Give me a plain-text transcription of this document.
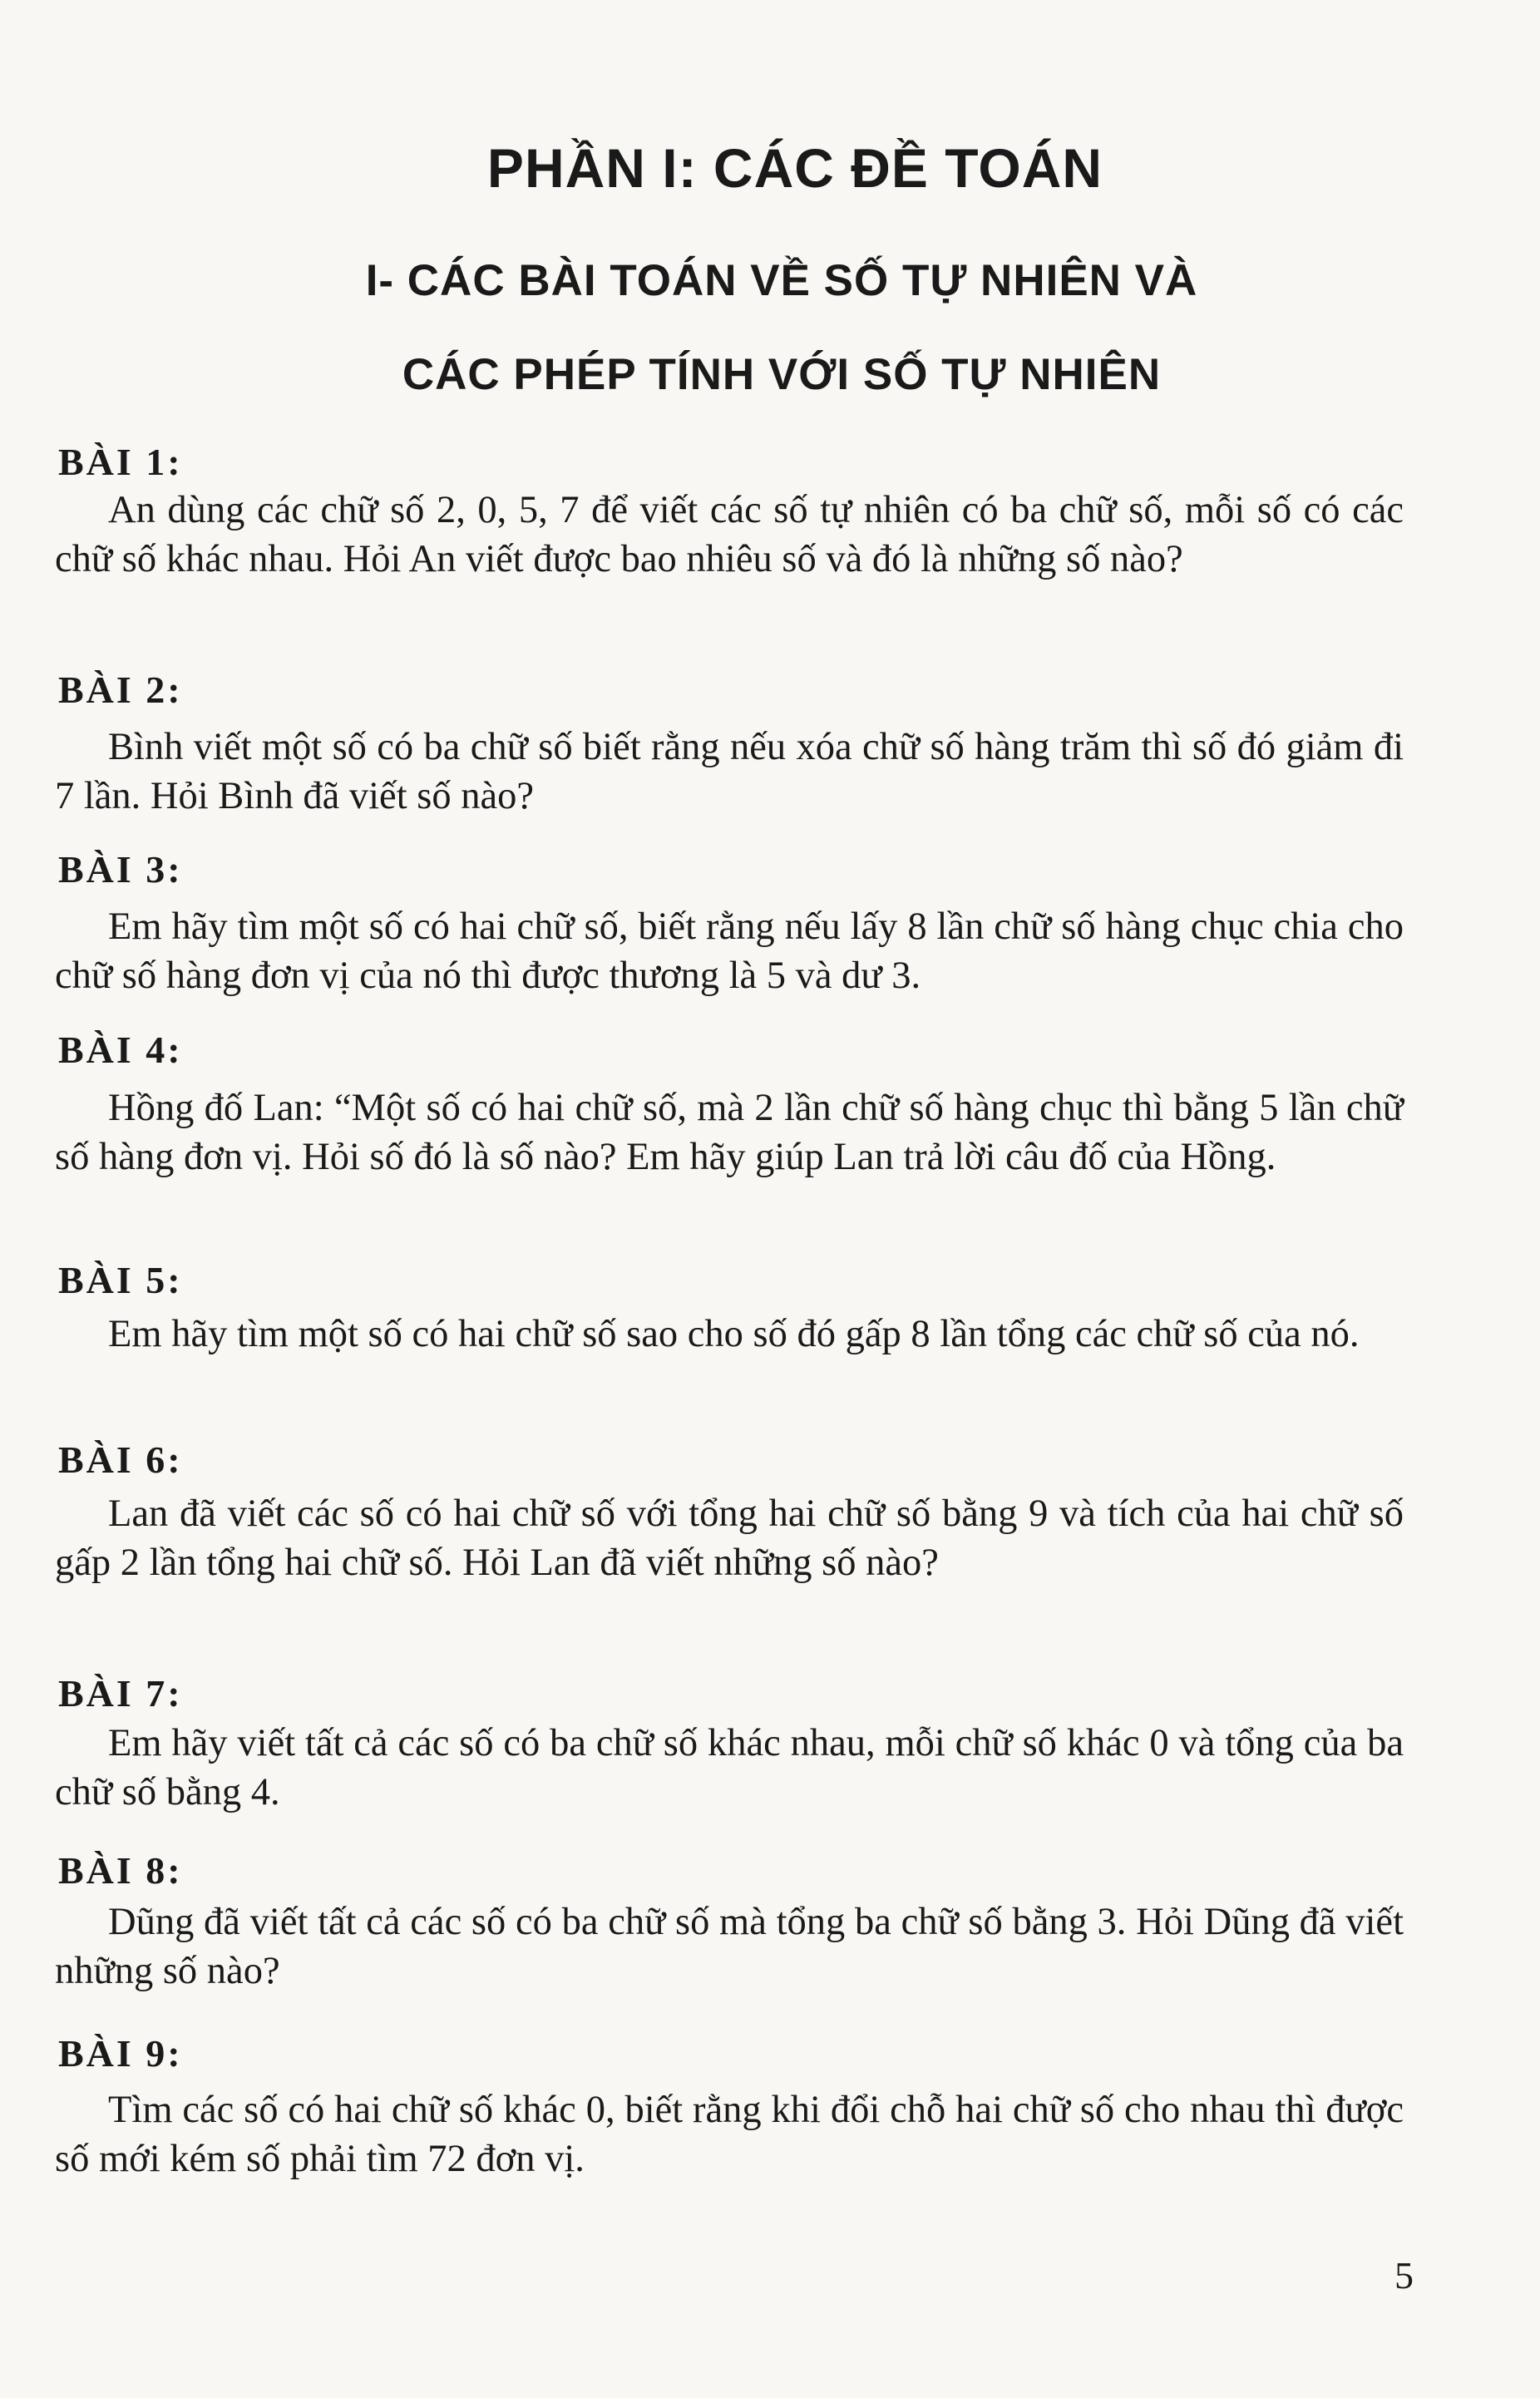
PHẦN I: CÁC ĐỀ TOÁN
I- CÁC BÀI TOÁN VỀ SỐ TỰ NHIÊN VÀ
CÁC PHÉP TÍNH VỚI SỐ TỰ NHIÊN
BÀI 1:
An dùng các chữ số 2, 0, 5, 7 để viết các số tự nhiên có ba chữ số, mỗi số có các chữ số khác nhau. Hỏi An viết được bao nhiêu số và đó là những số nào?
BÀI 2:
Bình viết một số có ba chữ số biết rằng nếu xóa chữ số hàng trăm thì số đó giảm đi 7 lần. Hỏi Bình đã viết số nào?
BÀI 3:
Em hãy tìm một số có hai chữ số, biết rằng nếu lấy 8 lần chữ số hàng chục chia cho chữ số hàng đơn vị của nó thì được thương là 5 và dư 3.
BÀI 4:
Hồng đố Lan: “Một số có hai chữ số, mà 2 lần chữ số hàng chục thì bằng 5 lần chữ số hàng đơn vị. Hỏi số đó là số nào? Em hãy giúp Lan trả lời câu đố của Hồng.
BÀI 5:
Em hãy tìm một số có hai chữ số sao cho số đó gấp 8 lần tổng các chữ số của nó.
BÀI 6:
Lan đã viết các số có hai chữ số với tổng hai chữ số bằng 9 và tích của hai chữ số gấp 2 lần tổng hai chữ số. Hỏi Lan đã viết những số nào?
BÀI 7:
Em hãy viết tất cả các số có ba chữ số khác nhau, mỗi chữ số khác 0 và tổng của ba chữ số bằng 4.
BÀI 8:
Dũng đã viết tất cả các số có ba chữ số mà tổng ba chữ số bằng 3. Hỏi Dũng đã viết những số nào?
BÀI 9:
Tìm các số có hai chữ số khác 0, biết rằng khi đổi chỗ hai chữ số cho nhau thì được số mới kém số phải tìm 72 đơn vị.
5
